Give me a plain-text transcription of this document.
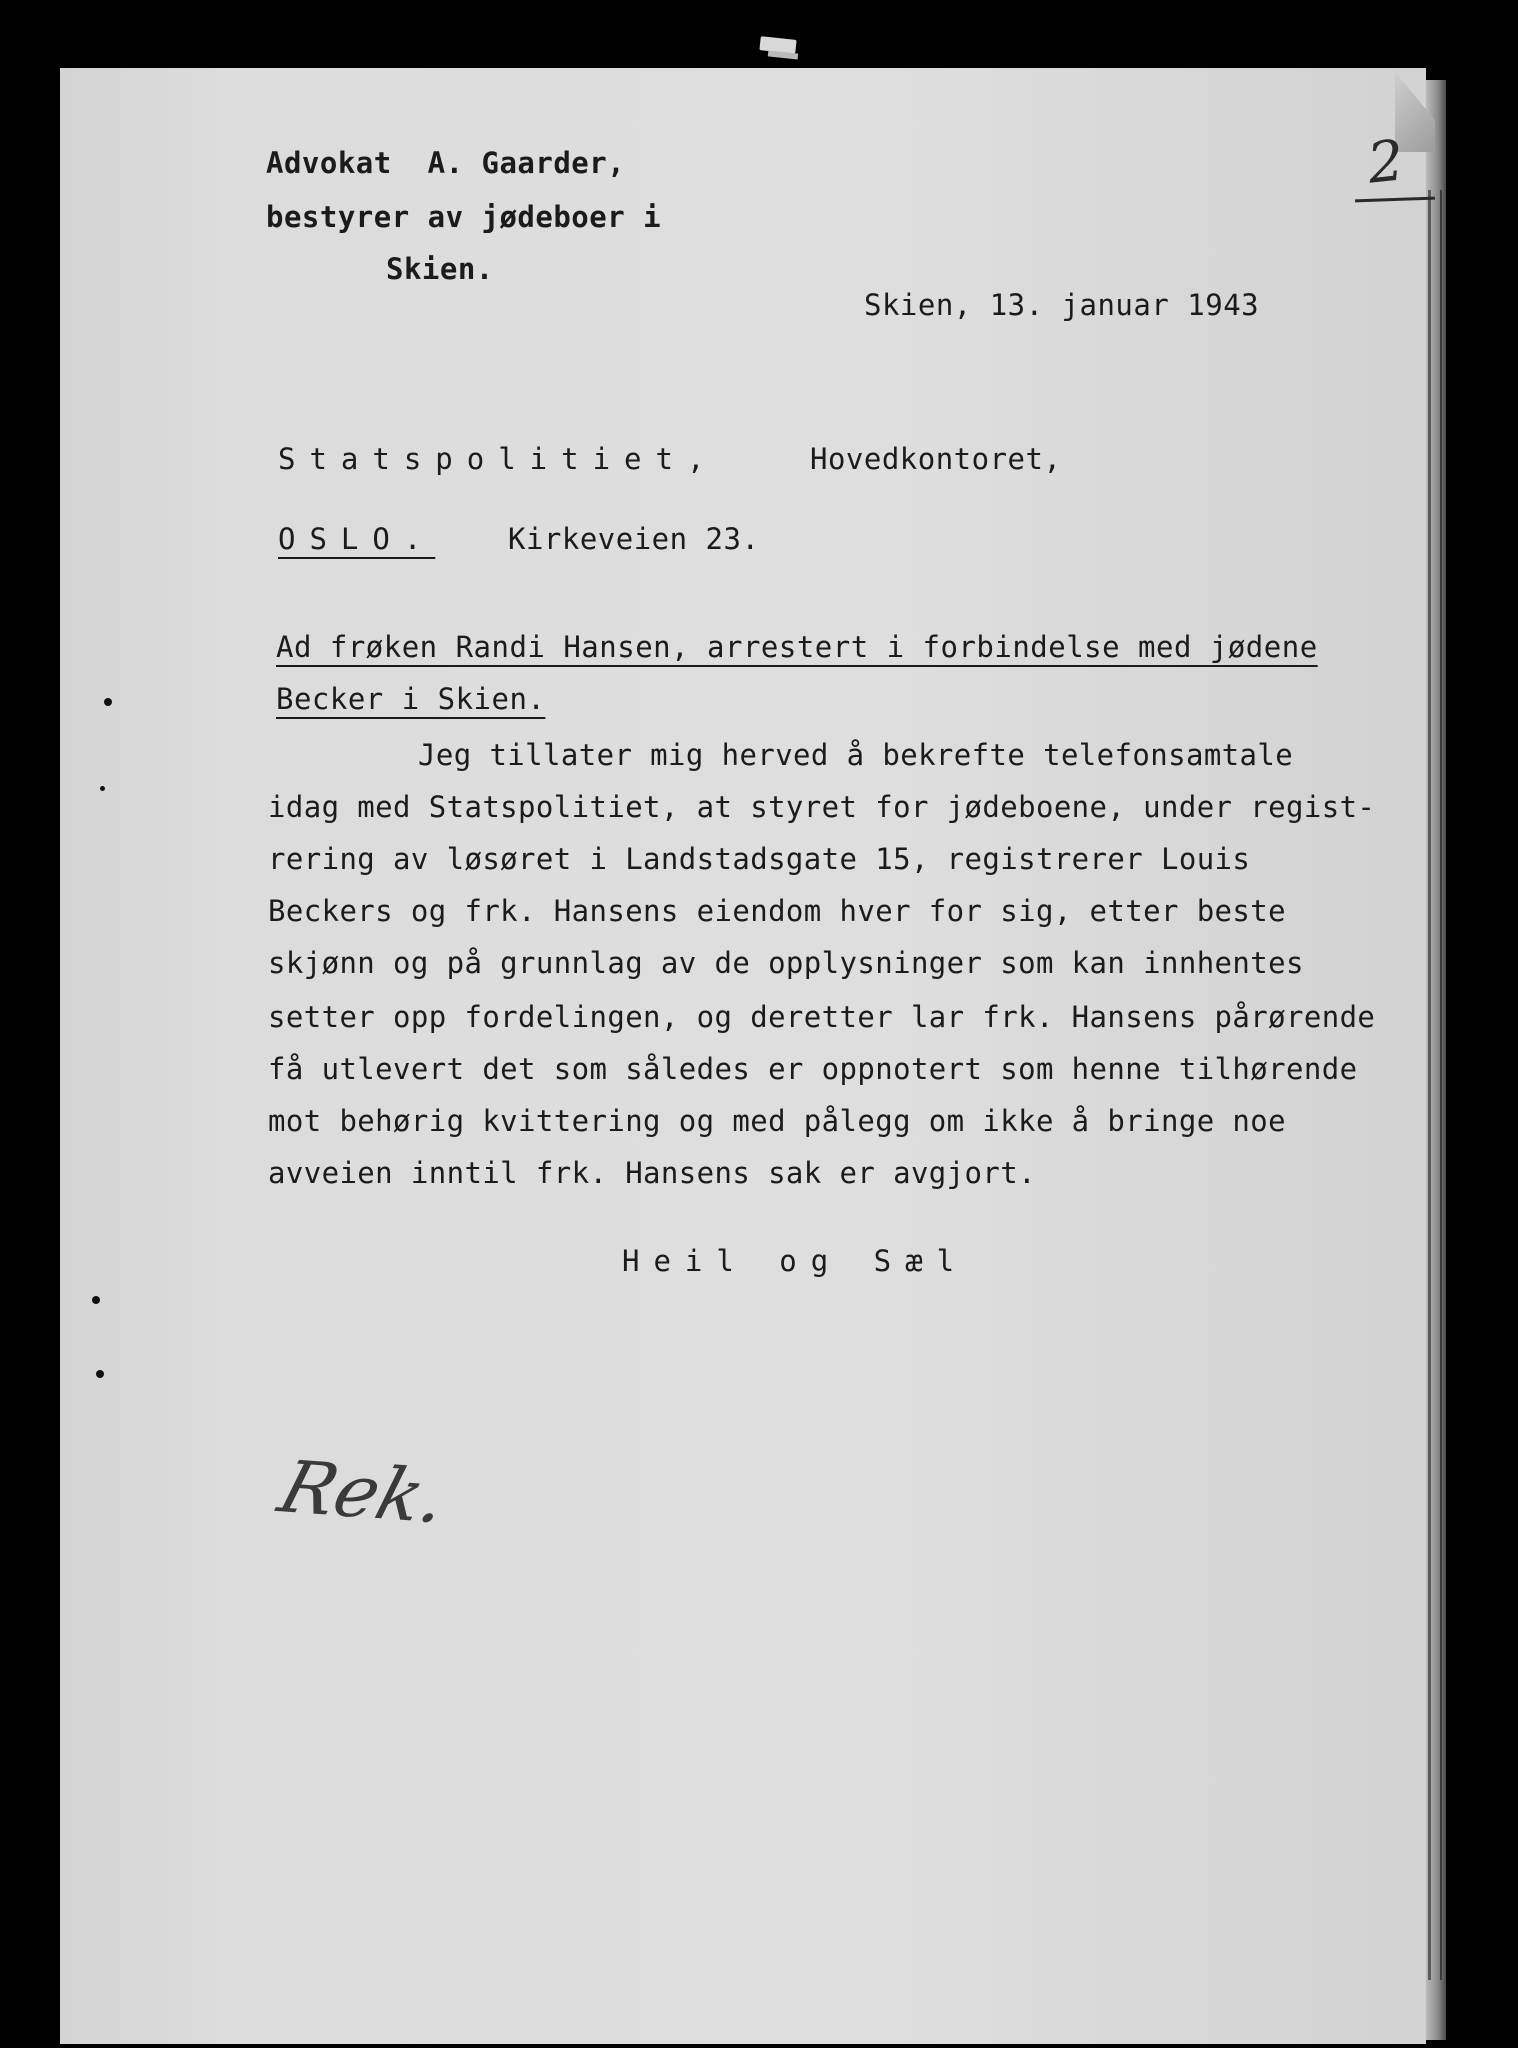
2
Advokat  A. Gaarder,
bestyrer av jødeboer i
Skien.
Skien, 13. januar 1943
Statspolitiet,	Hovedkontoret,
OSLO.	Kirkeveien 23.
Ad frøken Randi Hansen, arrestert i forbindelse med jødene
Becker i Skien.
Jeg tillater mig herved å bekrefte telefonsamtale
idag med Statspolitiet, at styret for jødeboene, under regist-
rering av løsøret i Landstadsgate 15, registrerer Louis
Beckers og frk. Hansens eiendom hver for sig, etter beste
skjønn og på grunnlag av de opplysninger som kan innhentes
setter opp fordelingen, og deretter lar frk. Hansens pårørende
få utlevert det som således er oppnotert som henne tilhørende
mot behørig kvittering og med pålegg om ikke å bringe noe
avveien inntil frk. Hansens sak er avgjort.
Heil og Sæl
Rek.
